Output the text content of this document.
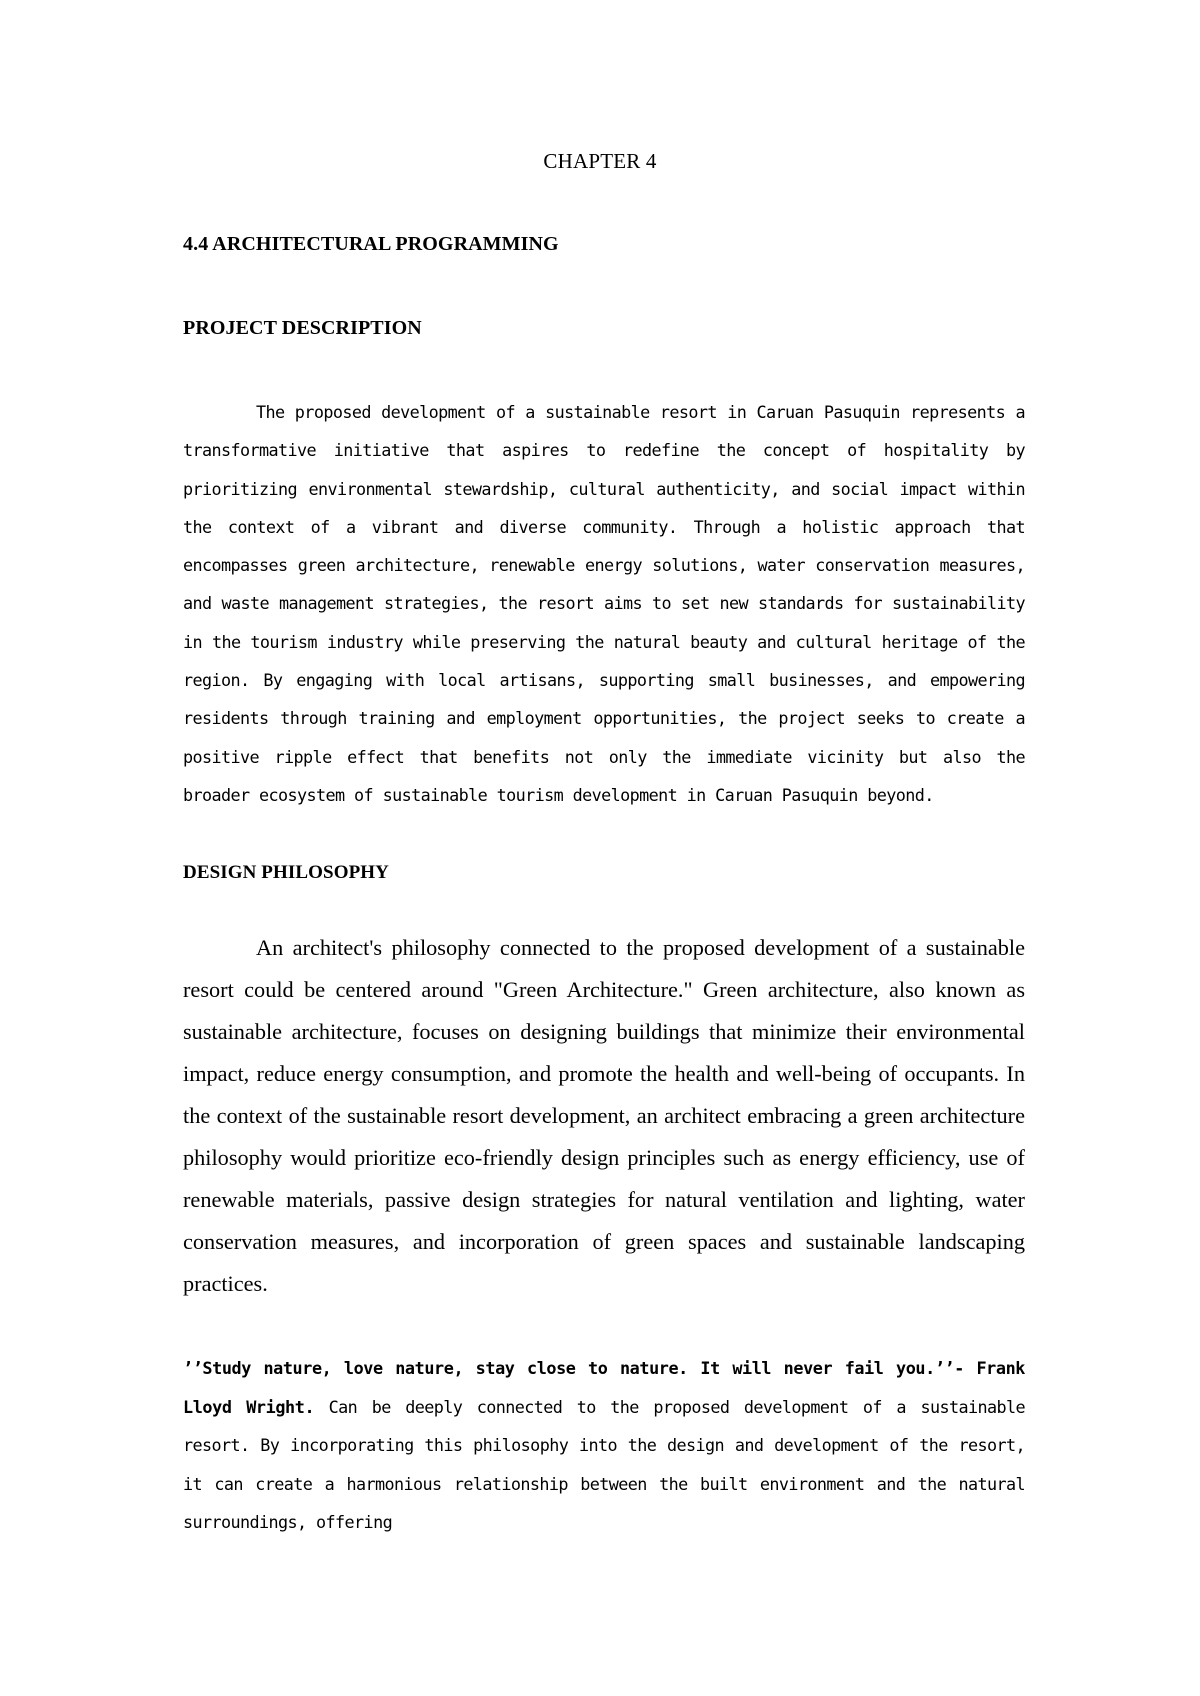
CHAPTER 4
4.4 ARCHITECTURAL PROGRAMMING
PROJECT DESCRIPTION

The proposed development of a sustainable resort in Caruan Pasuquin represents a transformative initiative that aspires to redefine the concept of hospitality by prioritizing environmental stewardship, cultural authenticity, and social impact within the context of a vibrant and diverse community. Through a holistic approach that encompasses green architecture, renewable energy solutions, water conservation measures, and waste management strategies, the resort aims to set new standards for sustainability in the tourism industry while preserving the natural beauty and cultural heritage of the region. By engaging with local artisans, supporting small businesses, and empowering residents through training and employment opportunities, the project seeks to create a positive ripple effect that benefits not only the immediate vicinity but also the broader ecosystem of sustainable tourism development in Caruan Pasuquin beyond.

DESIGN PHILOSOPHY

An architect's philosophy connected to the proposed development of a sustainable resort could be centered around "Green Architecture." Green architecture, also known as sustainable architecture, focuses on designing buildings that minimize their environmental impact, reduce energy consumption, and promote the health and well-being of occupants. In the context of the sustainable resort development, an architect embracing a green architecture philosophy would prioritize eco-friendly design principles such as energy efficiency, use of renewable materials, passive design strategies for natural ventilation and lighting, water conservation measures, and incorporation of green spaces and sustainable landscaping practices.

’’Study nature, love nature, stay close to nature. It will never fail you.’’- Frank Lloyd Wright. Can be deeply connected to the proposed development of a sustainable resort. By incorporating this philosophy into the design and development of the resort, it can create a harmonious relationship between the built environment and the natural surroundings, offering
